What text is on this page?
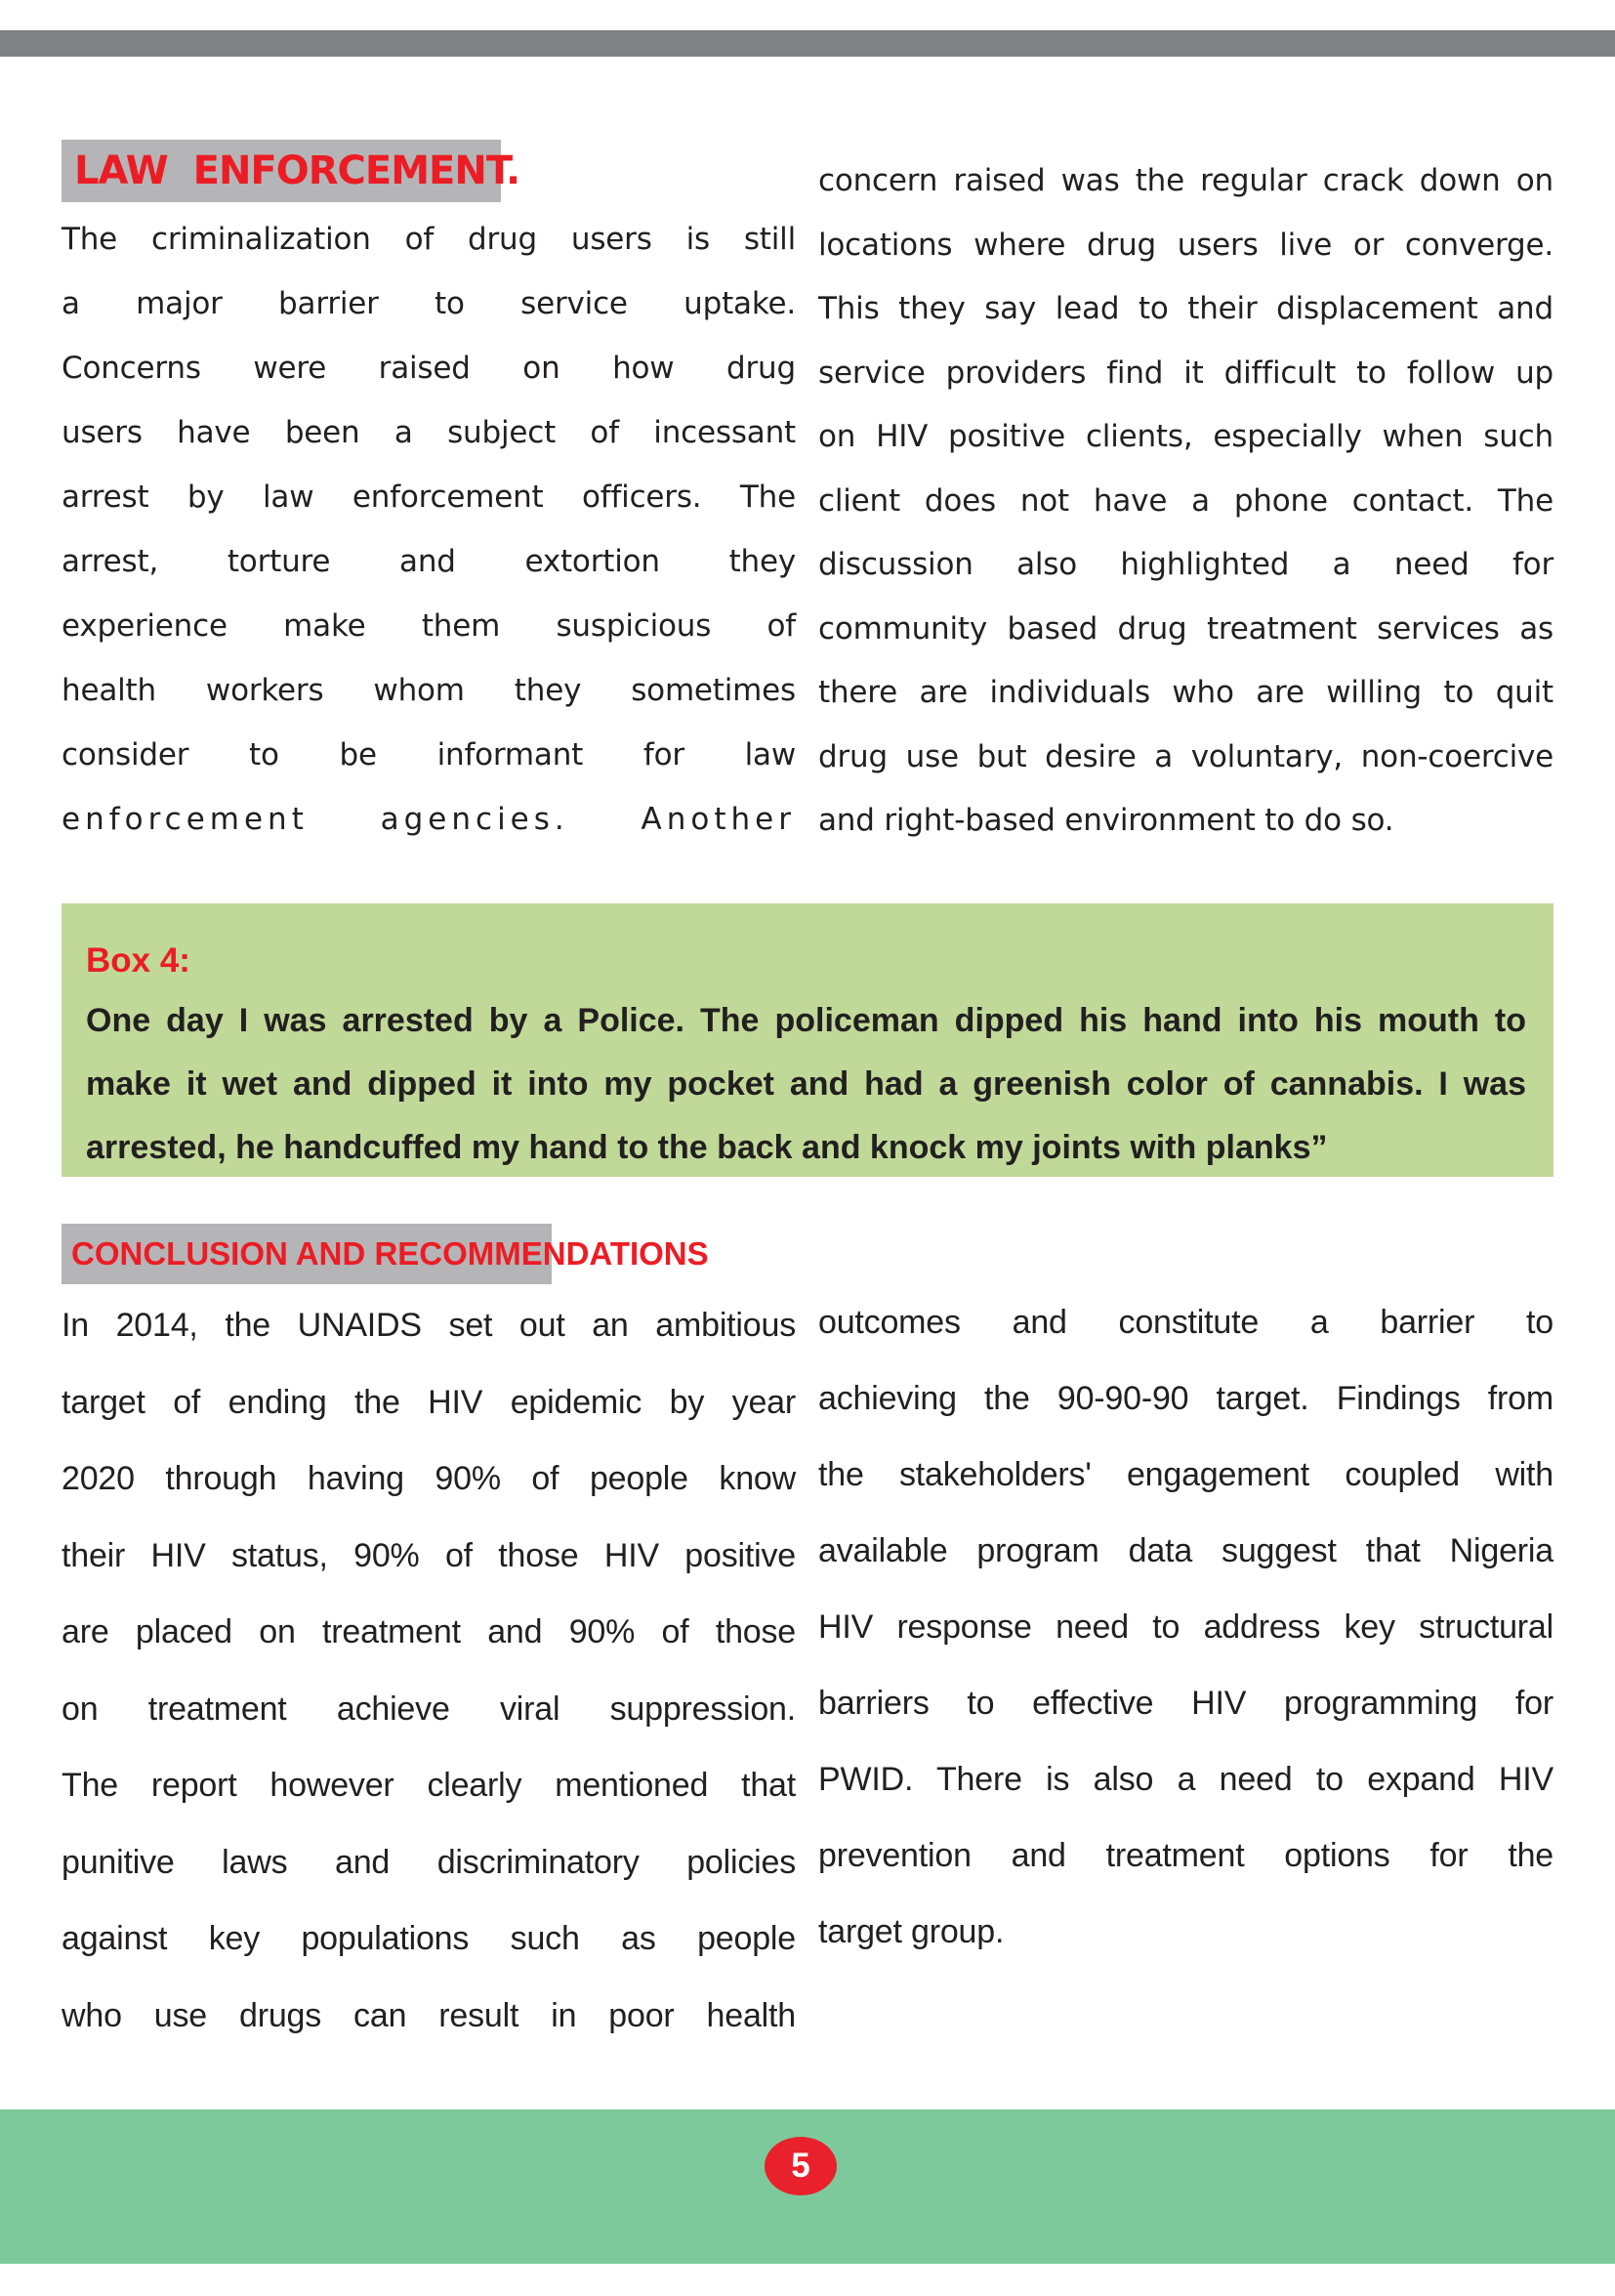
LAW  ENFORCEMENT.
The criminalization of drug users is still
a major barrier to service uptake.
Concerns were raised on how drug
users have been a subject of incessant
arrest by law enforcement officers. The
arrest, torture and extortion they
experience make them suspicious of
health workers whom they sometimes
consider to be informant for law
enforcement agencies. Another
concern raised was the regular crack down on
locations where drug users live or converge.
This they say lead to their displacement and
service providers find it difficult to follow up
on HIV positive clients, especially when such
client does not have a phone contact. The
discussion also highlighted a need for
community based drug treatment services as
there are individuals who are willing to quit
drug use but desire a voluntary, non-coercive
and right-based environment to do so.
Box 4:
One day I was arrested by a Police. The policeman dipped his hand into his mouth to
make it wet and dipped it into my pocket and had a greenish color of cannabis. I was
arrested, he handcuffed my hand to the back and knock my joints with planks”
CONCLUSION AND RECOMMENDATIONS
In 2014, the UNAIDS set out an ambitious
target of ending the HIV epidemic by year
2020 through having 90% of people know
their HIV status, 90% of those HIV positive
are placed on treatment and 90% of those
on treatment achieve viral suppression.
The report however clearly mentioned that
punitive laws and discriminatory policies
against key populations such as people
who use drugs can result in poor health
outcomes and constitute a barrier to
achieving the 90-90-90 target. Findings from
the stakeholders' engagement coupled with
available program data suggest that Nigeria
HIV response need to address key structural
barriers to effective HIV programming for
PWID. There is also a need to expand HIV
prevention and treatment options for the
target group.
5
